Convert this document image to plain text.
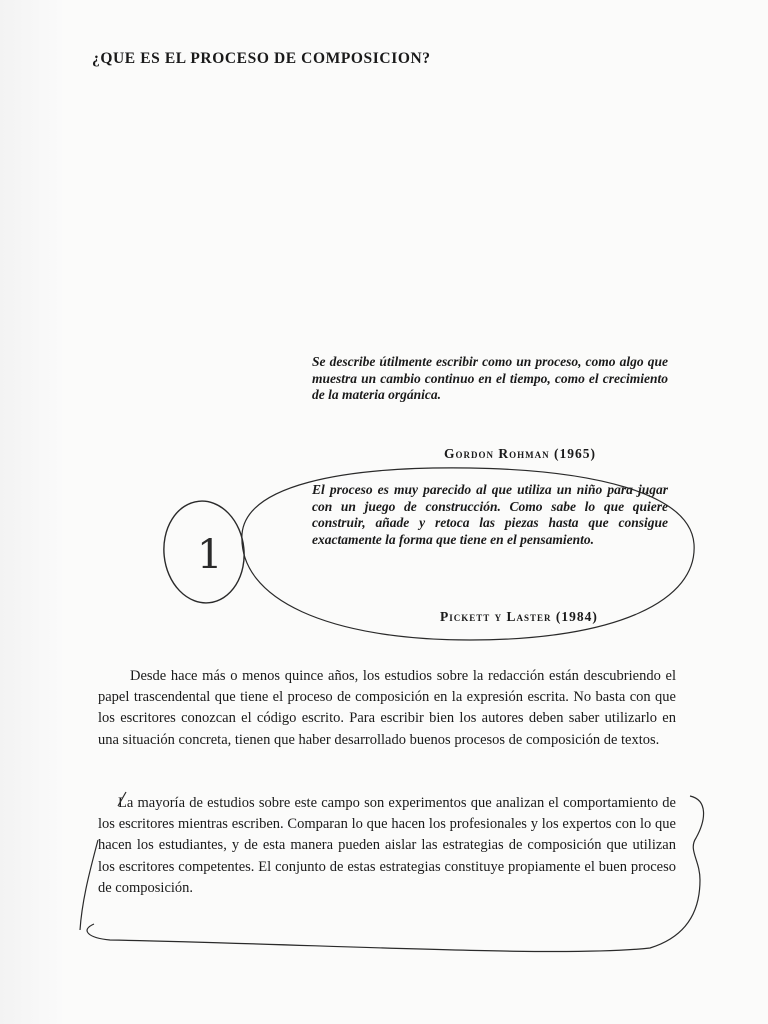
¿QUE ES EL PROCESO DE COMPOSICION?

Se describe útilmente escribir como un proceso, como algo que muestra un cambio continuo en el tiempo, como el crecimiento de la materia orgánica.

Gordon Rohman (1965)

El proceso es muy parecido al que utiliza un niño para jugar con un juego de construcción. Como sabe lo que quiere construir, añade y retoca las piezas hasta que consigue exactamente la forma que tiene en el pensamiento.

Pickett y Laster (1984)

Desde hace más o menos quince años, los estudios sobre la redacción están descubriendo el papel trascendental que tiene el proceso de composición en la expresión escrita. No basta con que los escritores conozcan el código escrito. Para escribir bien los autores deben saber utilizarlo en una situación concreta, tienen que haber desarrollado buenos procesos de composición de textos.

La mayoría de estudios sobre este campo son experimentos que analizan el comportamiento de los escritores mientras escriben. Comparan lo que hacen los profesionales y los expertos con lo que hacen los estudiantes, y de esta manera pueden aislar las estrategias de composición que utilizan los escritores competentes. El conjunto de estas estrategias constituye propiamente el buen proceso de composición.

1
